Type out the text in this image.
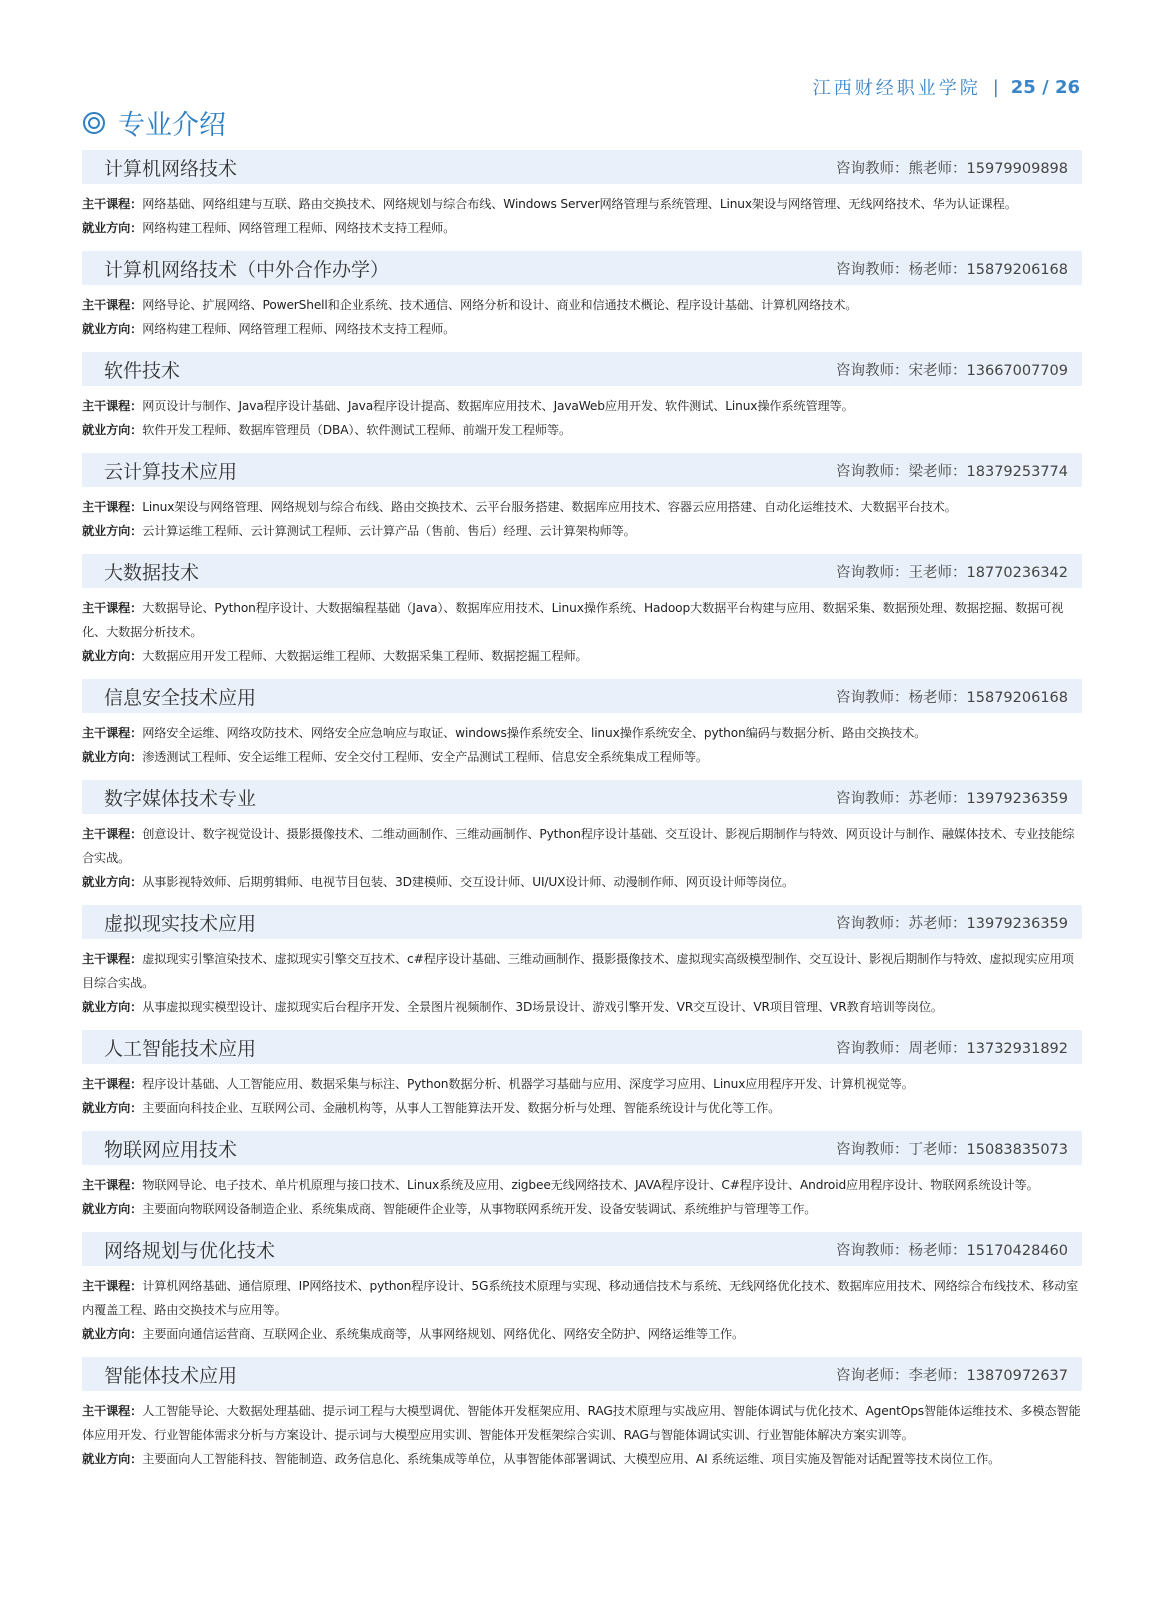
江西财经职业学院 | 25 / 26
专业介绍
计算机网络技术	咨询教师：熊老师：15979909898
主干课程：网络基础、网络组建与互联、路由交换技术、网络规划与综合布线、Windows Server网络管理与系统管理、Linux架设与网络管理、无线网络技术、华为认证课程。
就业方向：网络构建工程师、网络管理工程师、网络技术支持工程师。
计算机网络技术（中外合作办学）	咨询教师：杨老师：15879206168
主干课程：网络导论、扩展网络、PowerShell和企业系统、技术通信、网络分析和设计、商业和信通技术概论、程序设计基础、计算机网络技术。
就业方向：网络构建工程师、网络管理工程师、网络技术支持工程师。
软件技术	咨询教师：宋老师：13667007709
主干课程：网页设计与制作、Java程序设计基础、Java程序设计提高、数据库应用技术、JavaWeb应用开发、软件测试、Linux操作系统管理等。
就业方向：软件开发工程师、数据库管理员（DBA）、软件测试工程师、前端开发工程师等。
云计算技术应用	咨询教师：梁老师：18379253774
主干课程：Linux架设与网络管理、网络规划与综合布线、路由交换技术、云平台服务搭建、数据库应用技术、容器云应用搭建、自动化运维技术、大数据平台技术。
就业方向：云计算运维工程师、云计算测试工程师、云计算产品（售前、售后）经理、云计算架构师等。
大数据技术	咨询教师：王老师：18770236342
主干课程：大数据导论、Python程序设计、大数据编程基础（Java）、数据库应用技术、Linux操作系统、Hadoop大数据平台构建与应用、数据采集、数据预处理、数据挖掘、数据可视化、大数据分析技术。
就业方向：大数据应用开发工程师、大数据运维工程师、大数据采集工程师、数据挖掘工程师。
信息安全技术应用	咨询教师：杨老师：15879206168
主干课程：网络安全运维、网络攻防技术、网络安全应急响应与取证、windows操作系统安全、linux操作系统安全、python编码与数据分析、路由交换技术。
就业方向：渗透测试工程师、安全运维工程师、安全交付工程师、安全产品测试工程师、信息安全系统集成工程师等。
数字媒体技术专业	咨询教师：苏老师：13979236359
主干课程：创意设计、数字视觉设计、摄影摄像技术、二维动画制作、三维动画制作、Python程序设计基础、交互设计、影视后期制作与特效、网页设计与制作、融媒体技术、专业技能综合实战。
就业方向：从事影视特效师、后期剪辑师、电视节目包装、3D建模师、交互设计师、UI/UX设计师、动漫制作师、网页设计师等岗位。
虚拟现实技术应用	咨询教师：苏老师：13979236359
主干课程：虚拟现实引擎渲染技术、虚拟现实引擎交互技术、c#程序设计基础、三维动画制作、摄影摄像技术、虚拟现实高级模型制作、交互设计、影视后期制作与特效、虚拟现实应用项目综合实战。
就业方向：从事虚拟现实模型设计、虚拟现实后台程序开发、全景图片视频制作、3D场景设计、游戏引擎开发、VR交互设计、VR项目管理、VR教育培训等岗位。
人工智能技术应用	咨询教师：周老师：13732931892
主干课程：程序设计基础、人工智能应用、数据采集与标注、Python数据分析、机器学习基础与应用、深度学习应用、Linux应用程序开发、计算机视觉等。
就业方向：主要面向科技企业、互联网公司、金融机构等，从事人工智能算法开发、数据分析与处理、智能系统设计与优化等工作。
物联网应用技术	咨询教师：丁老师：15083835073
主干课程：物联网导论、电子技术、单片机原理与接口技术、Linux系统及应用、zigbee无线网络技术、JAVA程序设计、C#程序设计、Android应用程序设计、物联网系统设计等。
就业方向：主要面向物联网设备制造企业、系统集成商、智能硬件企业等，从事物联网系统开发、设备安装调试、系统维护与管理等工作。
网络规划与优化技术	咨询教师：杨老师：15170428460
主干课程：计算机网络基础、通信原理、IP网络技术、python程序设计、5G系统技术原理与实现、移动通信技术与系统、无线网络优化技术、数据库应用技术、网络综合布线技术、移动室内覆盖工程、路由交换技术与应用等。
就业方向：主要面向通信运营商、互联网企业、系统集成商等，从事网络规划、网络优化、网络安全防护、网络运维等工作。
智能体技术应用	咨询老师：李老师：13870972637
主干课程：人工智能导论、大数据处理基础、提示词工程与大模型调优、智能体开发框架应用、RAG技术原理与实战应用、智能体调试与优化技术、AgentOps智能体运维技术、多模态智能体应用开发、行业智能体需求分析与方案设计、提示词与大模型应用实训、智能体开发框架综合实训、RAG与智能体调试实训、行业智能体解决方案实训等。
就业方向：主要面向人工智能科技、智能制造、政务信息化、系统集成等单位，从事智能体部署调试、大模型应用、AI 系统运维、项目实施及智能对话配置等技术岗位工作。
